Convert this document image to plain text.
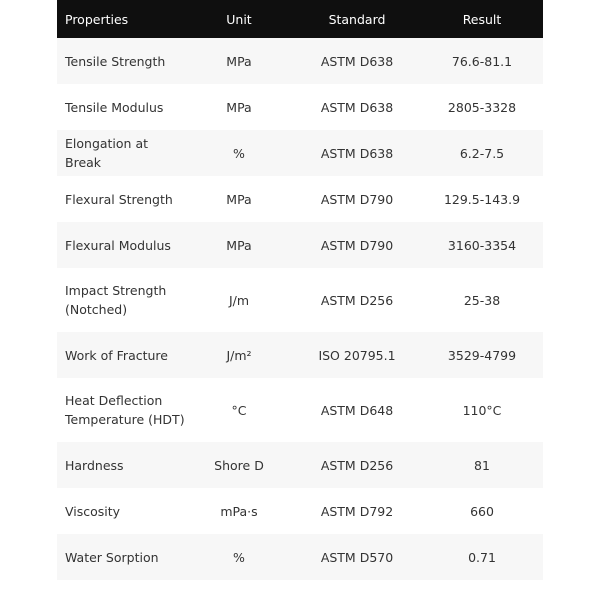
Properties	Unit	Standard	Result
Tensile Strength	MPa	ASTM D638	76.6-81.1
Tensile Modulus	MPa	ASTM D638	2805-3328
Elongation at Break	%	ASTM D638	6.2-7.5
Flexural Strength	MPa	ASTM D790	129.5-143.9
Flexural Modulus	MPa	ASTM D790	3160-3354
Impact Strength
(Notched)	J/m	ASTM D256	25-38
Work of Fracture	J/m²	ISO 20795.1	3529-4799
Heat Deflection
Temperature (HDT)	°C	ASTM D648	110°C
Hardness	Shore D	ASTM D256	81
Viscosity	mPa·s	ASTM D792	660
Water Sorption	%	ASTM D570	0.71
